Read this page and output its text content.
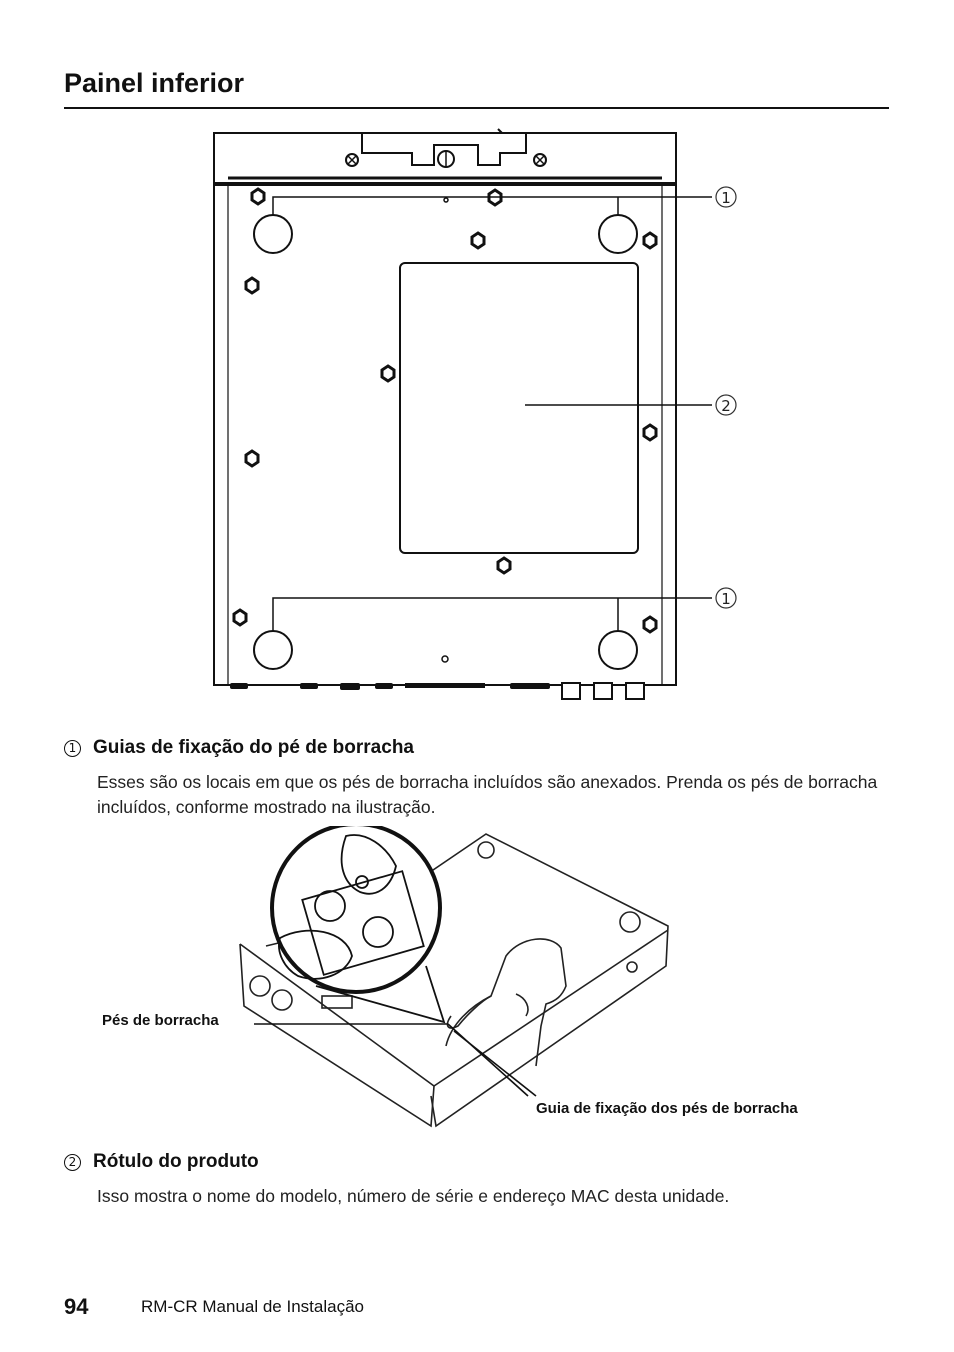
Painel inferior
1
2
1
1 Guias de fixação do pé de borracha

Esses são os locais em que os pés de borracha incluídos são anexados. Prenda os pés de borracha incluídos, conforme mostrado na ilustração.

Pés de borracha
Guia de fixação dos pés de borracha
2 Rótulo do produto

Isso mostra o nome do modelo, número de série e endereço MAC desta unidade.

94	RM-CR Manual de Instalação
